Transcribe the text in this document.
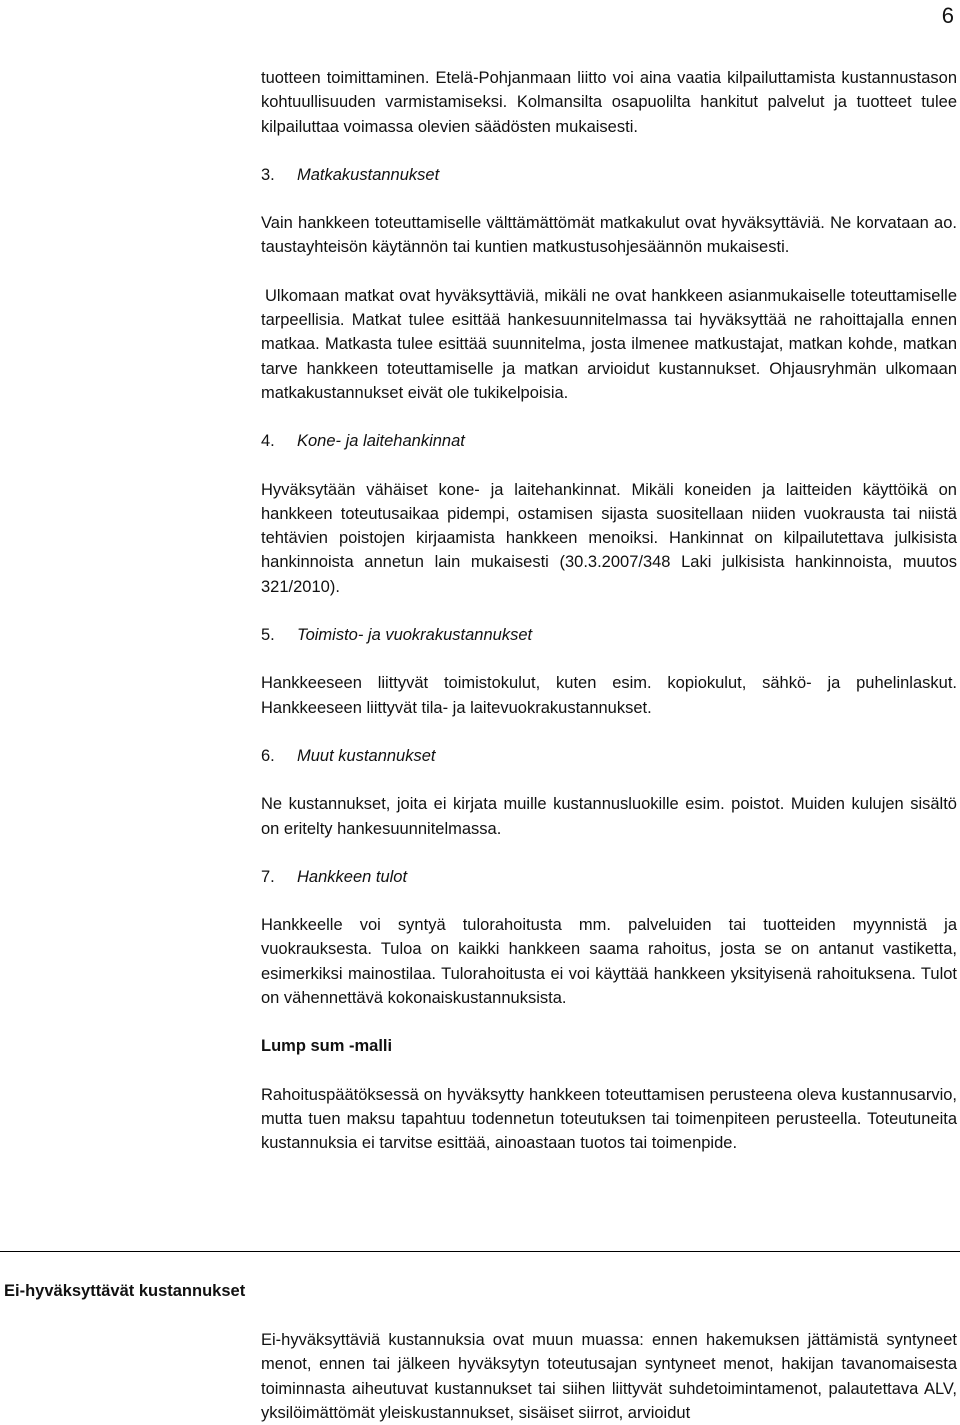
6

tuotteen toimittaminen. Etelä-Pohjanmaan liitto voi aina vaatia kilpailuttamista kustannustason kohtuullisuuden varmistamiseksi. Kolmansilta osapuolilta hankitut palvelut ja tuotteet tulee kilpailuttaa voimassa olevien säädösten mukaisesti.

3.	Matkakustannukset

Vain hankkeen toteuttamiselle välttämättömät matkakulut ovat hyväksyttäviä. Ne korvataan ao. taustayhteisön käytännön tai kuntien matkustusohjesäännön mukaisesti.

Ulkomaan matkat ovat hyväksyttäviä, mikäli ne ovat hankkeen asianmukaiselle toteuttamiselle tarpeellisia. Matkat tulee esittää hankesuunnitelmassa tai hyväksyttää ne rahoittajalla ennen matkaa. Matkasta tulee esittää suunnitelma, josta ilmenee matkustajat, matkan kohde, matkan tarve hankkeen toteuttamiselle ja matkan arvioidut kustannukset. Ohjausryhmän ulkomaan matkakustannukset eivät ole tukikelpoisia.

4.	Kone- ja laitehankinnat

Hyväksytään vähäiset kone- ja laitehankinnat. Mikäli koneiden ja laitteiden käyttöikä on hankkeen toteutusaikaa pidempi, ostamisen sijasta suositellaan niiden vuokrausta tai niistä tehtävien poistojen kirjaamista hankkeen menoiksi. Hankinnat on kilpailutettava julkisista hankinnoista annetun lain mukaisesti (30.3.2007/348 Laki julkisista hankinnoista, muutos 321/2010).

5.	Toimisto- ja vuokrakustannukset

Hankkeeseen liittyvät toimistokulut, kuten esim. kopiokulut, sähkö- ja puhelinlaskut. Hankkeeseen liittyvät tila- ja laitevuokrakustannukset.

6.	Muut kustannukset

Ne kustannukset, joita ei kirjata muille kustannusluokille esim. poistot. Muiden kulujen sisältö on eritelty hankesuunnitelmassa.

7.	Hankkeen tulot

Hankkeelle voi syntyä tulorahoitusta mm. palveluiden tai tuotteiden myynnistä ja vuokrauksesta. Tuloa on kaikki hankkeen saama rahoitus, josta se on antanut vastiketta, esimerkiksi mainostilaa. Tulorahoitusta ei voi käyttää hankkeen yksityisenä rahoituksena. Tulot on vähennettävä kokonaiskustannuksista.

Lump sum -malli

Rahoituspäätöksessä on hyväksytty hankkeen toteuttamisen perusteena oleva kustannusarvio, mutta tuen maksu tapahtuu todennetun toteutuksen tai toimenpiteen perusteella. Toteutuneita kustannuksia ei tarvitse esittää, ainoastaan tuotos tai toimenpide.

Ei-hyväksyttävät kustannukset

Ei-hyväksyttäviä kustannuksia ovat muun muassa: ennen hakemuksen jättämistä syntyneet menot, ennen tai jälkeen hyväksytyn toteutusajan syntyneet menot, hakijan tavanomaisesta toiminnasta aiheutuvat kustannukset tai siihen liittyvät suhdetoimintamenot, palautettava ALV, yksilöimättömät yleiskustannukset, sisäiset siirrot, arvioidut
